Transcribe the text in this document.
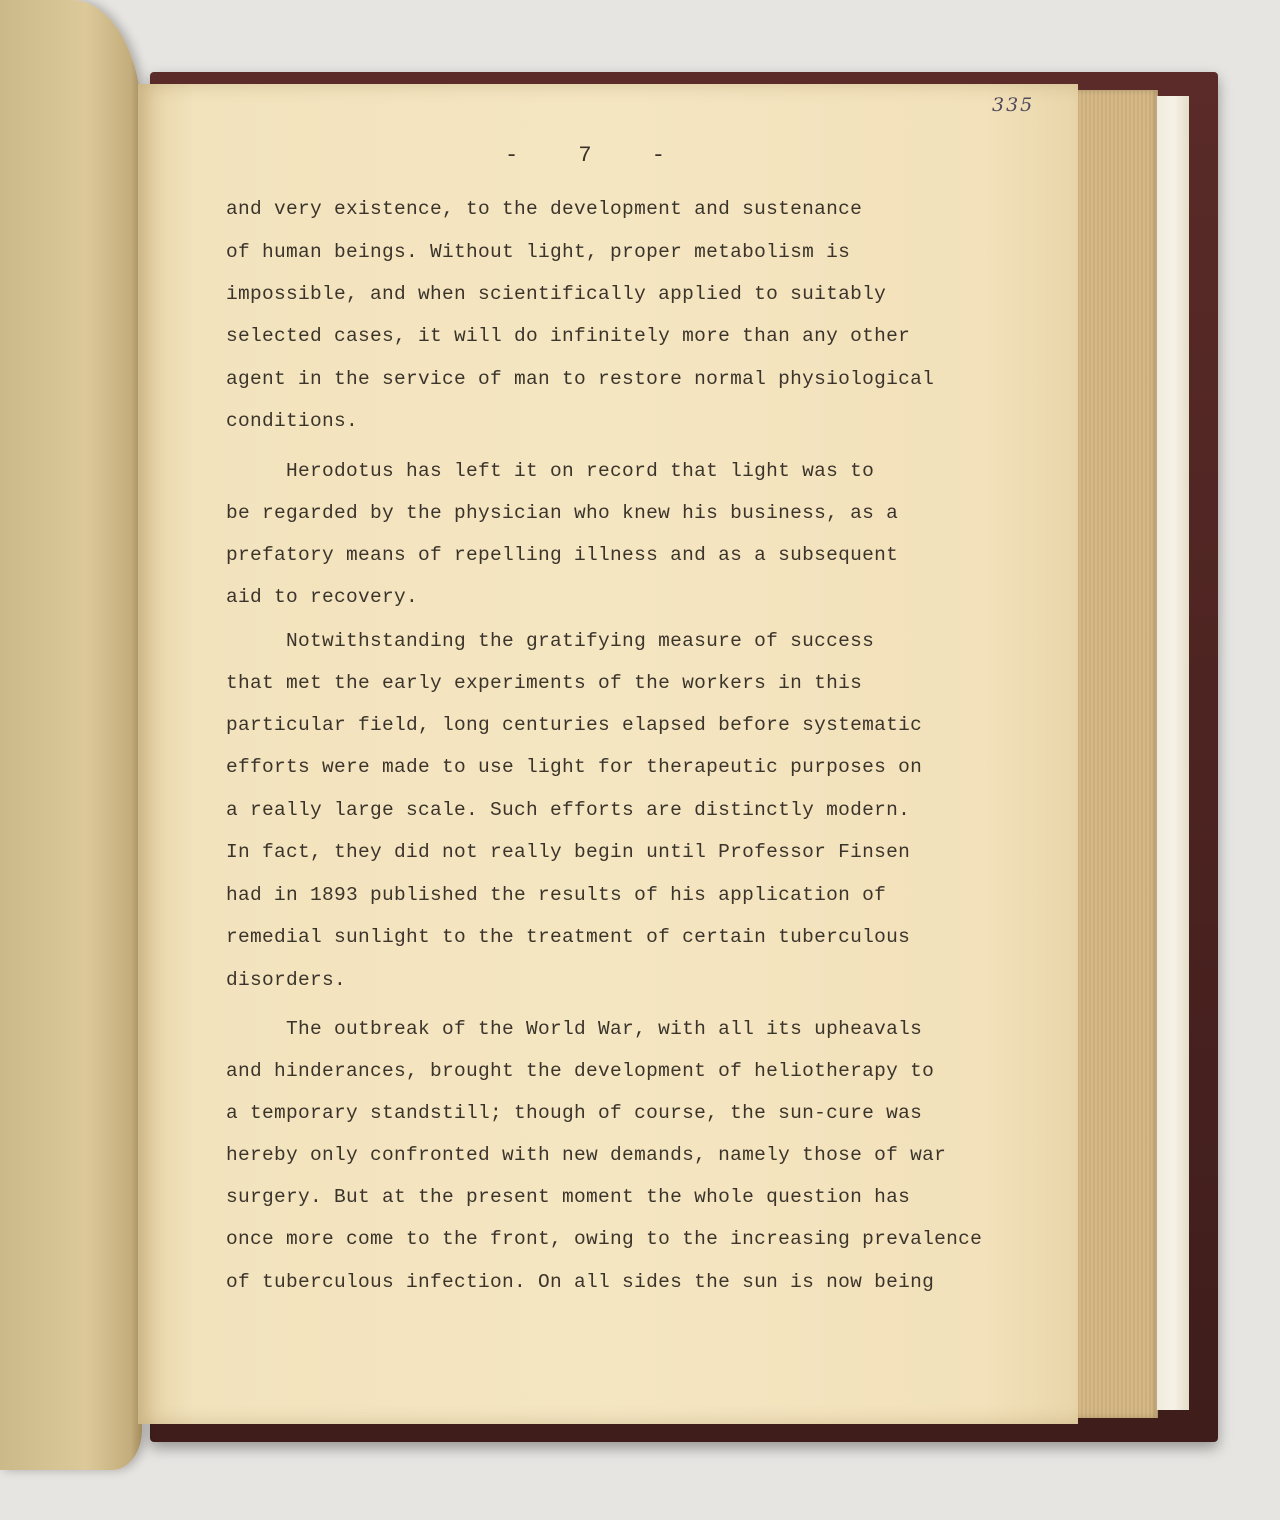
335
-	7	-
and very existence, to the development and sustenance
of human beings. Without light, proper metabolism is
impossible, and when scientifically applied to suitably
selected cases, it will do infinitely more than any other
agent in the service of man to restore normal physiological
conditions.
Herodotus has left it on record that light was to
be regarded by the physician who knew his business, as a
prefatory means of repelling illness and as a subsequent
aid to recovery.
Notwithstanding the gratifying measure of success
that met the early experiments of the workers in this
particular field, long centuries elapsed before systematic
efforts were made to use light for therapeutic purposes on
a really large scale. Such efforts are distinctly modern.
In fact, they did not really begin until Professor Finsen
had in 1893 published the results of his application of
remedial sunlight to the treatment of certain tuberculous
disorders.
The outbreak of the World War, with all its upheavals
and hinderances, brought the development of heliotherapy to
a temporary standstill; though of course, the sun-cure was
hereby only confronted with new demands, namely those of war
surgery. But at the present moment the whole question has
once more come to the front, owing to the increasing prevalence
of tuberculous infection. On all sides the sun is now being
